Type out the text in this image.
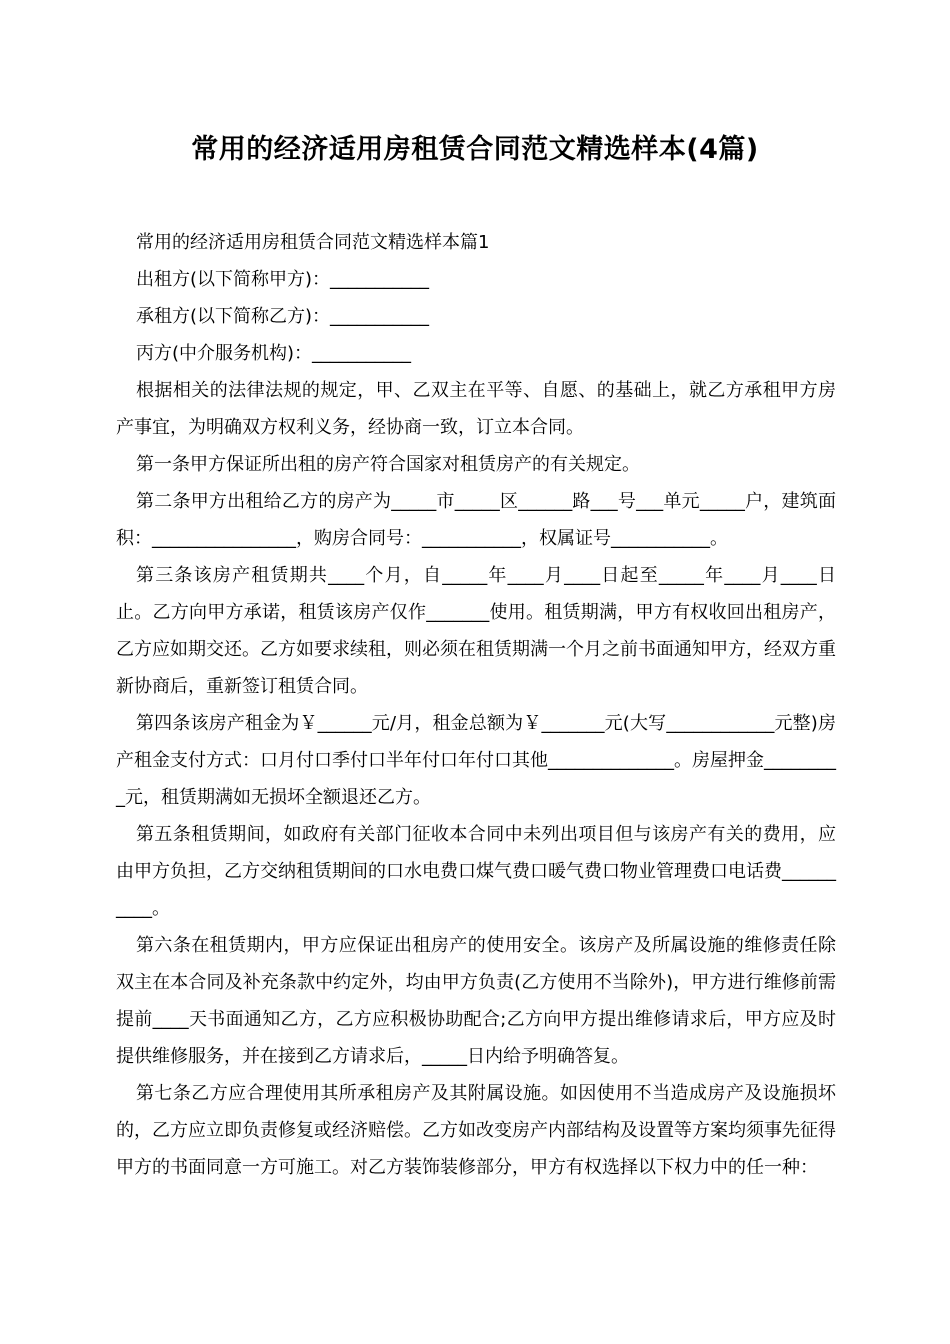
常用的经济适用房租赁合同范文精选样本(4篇)

常用的经济适用房租赁合同范文精选样本篇1

出租方(以下简称甲方)：___________

承租方(以下简称乙方)：___________

丙方(中介服务机构)：___________

根据相关的法律法规的规定，甲、乙双主在平等、自愿、的基础上，就乙方承租甲方房产事宜，为明确双方权利义务，经协商一致，订立本合同。

第一条甲方保证所出租的房产符合国家对租赁房产的有关规定。

第二条甲方出租给乙方的房产为_____市_____区______路___号___单元_____户，建筑面积：________________，购房合同号：___________，权属证号___________。

第三条该房产租赁期共____个月，自_____年____月____日起至_____年____月____日止。乙方向甲方承诺，租赁该房产仅作_______使用。租赁期满，甲方有权收回出租房产，乙方应如期交还。乙方如要求续租，则必须在租赁期满一个月之前书面通知甲方，经双方重新协商后，重新签订租赁合同。

第四条该房产租金为￥______元/月，租金总额为￥_______元(大写____________元整)房产租金支付方式：口月付口季付口半年付口年付口其他______________。房屋押金_________元，租赁期满如无损坏全额退还乙方。

第五条租赁期间，如政府有关部门征收本合同中未列出项目但与该房产有关的费用，应由甲方负担，乙方交纳租赁期间的口水电费口煤气费口暖气费口物业管理费口电话费__________。

第六条在租赁期内，甲方应保证出租房产的使用安全。该房产及所属设施的维修责任除双主在本合同及补充条款中约定外，均由甲方负责(乙方使用不当除外)，甲方进行维修前需提前____天书面通知乙方，乙方应积极协助配合;乙方向甲方提出维修请求后，甲方应及时提供维修服务，并在接到乙方请求后，_____日内给予明确答复。

第七条乙方应合理使用其所承租房产及其附属设施。如因使用不当造成房产及设施损坏的，乙方应立即负责修复或经济赔偿。乙方如改变房产内部结构及设置等方案均须事先征得甲方的书面同意一方可施工。对乙方装饰装修部分，甲方有权选择以下权力中的任一种：
